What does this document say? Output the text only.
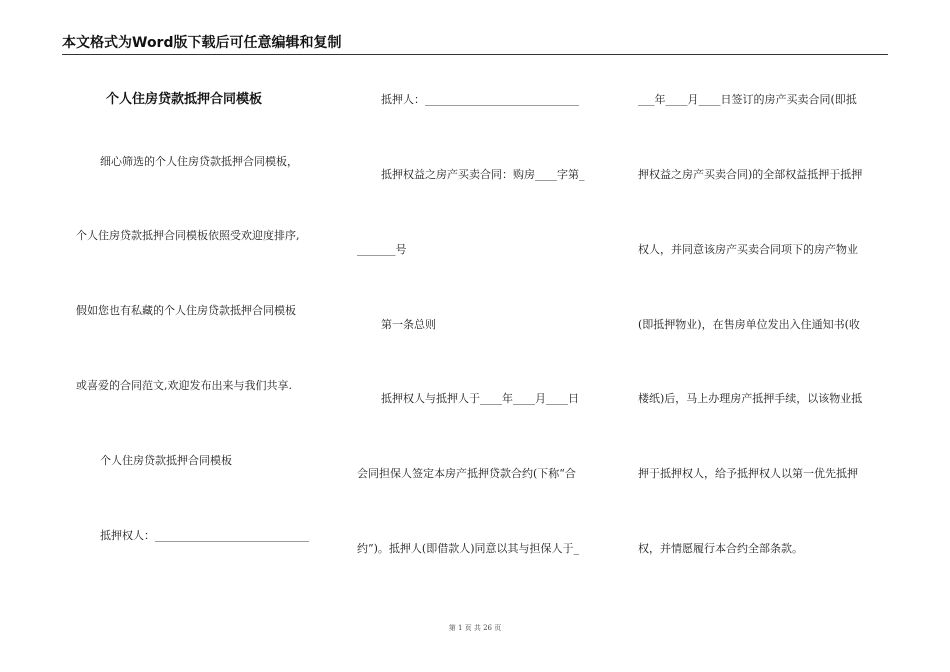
本文格式为Word版下载后可任意编辑和复制
个人住房贷款抵押合同模板
细心筛选的个人住房贷款抵押合同模板，
个人住房贷款抵押合同模板依照受欢迎度排序,
假如您也有私藏的个人住房贷款抵押合同模板
或喜爱的合同范文,欢迎发布出来与我们共享.
个人住房贷款抵押合同模板
抵押权人：____________________________
抵押人：____________________________
抵押权益之房产买卖合同：购房____字第_
_______号
第一条总则
抵押权人与抵押人于____年____月____日
会同担保人签定本房产抵押贷款合约(下称“合
约”)。抵押人(即借款人)同意以其与担保人于_
___年____月____日签订的房产买卖合同(即抵
押权益之房产买卖合同)的全部权益抵押于抵押
权人，并同意该房产买卖合同项下的房产物业
(即抵押物业)，在售房单位发出入住通知书(收
楼纸)后，马上办理房产抵押手续，以该物业抵
押于抵押权人，给予抵押权人以第一优先抵押
权，并情愿履行本合约全部条款。
第 1 页 共 26 页
